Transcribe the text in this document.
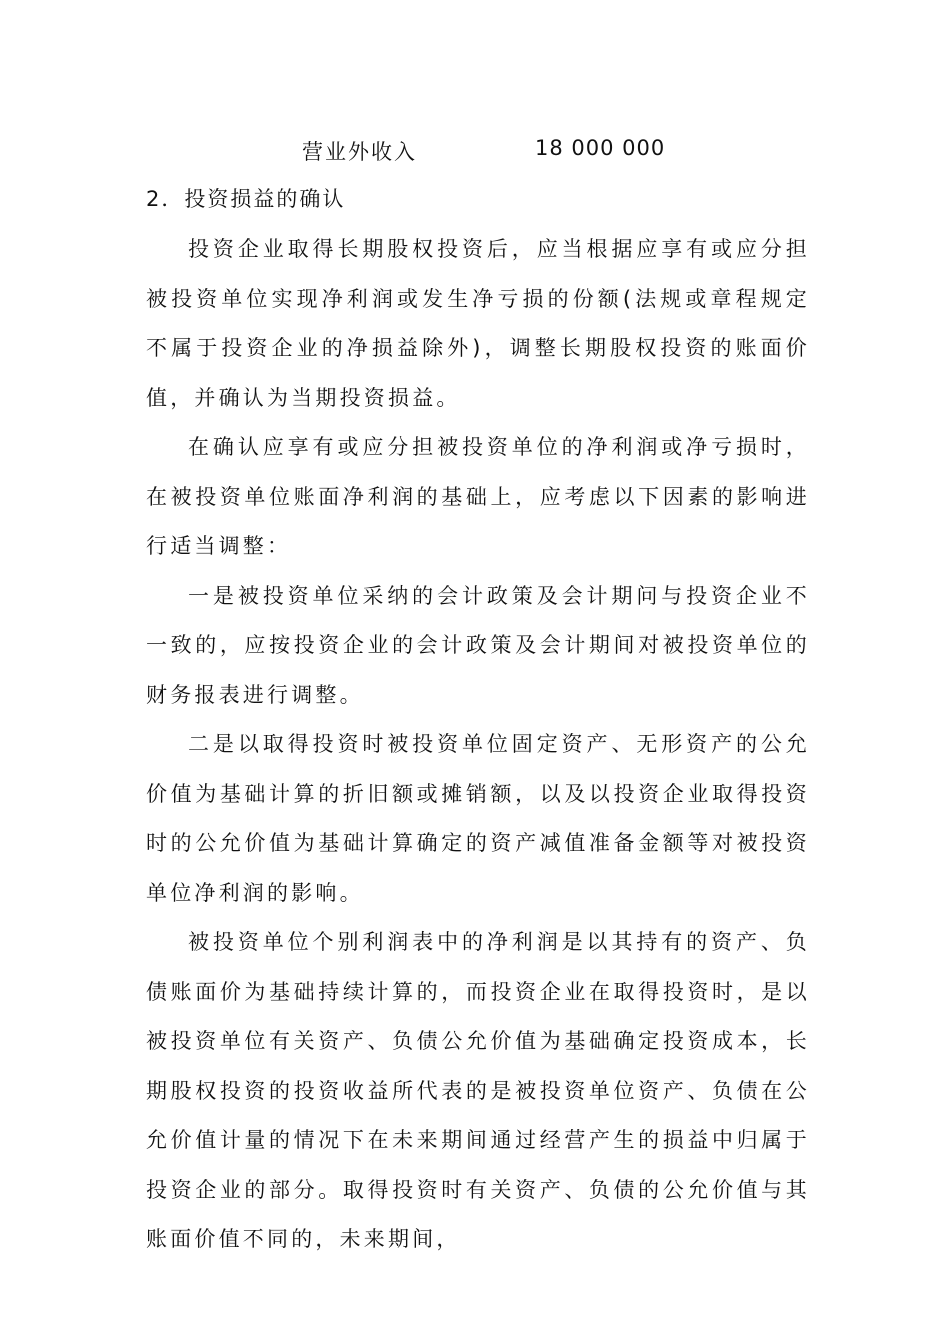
营业外收入	18 000 000
2．投资损益的确认

投资企业取得长期股权投资后，应当根据应享有或应分担被投资单位实现净利润或发生净亏损的份额(法规或章程规定不属于投资企业的净损益除外)，调整长期股权投资的账面价值，并确认为当期投资损益。

在确认应享有或应分担被投资单位的净利润或净亏损时，在被投资单位账面净利润的基础上，应考虑以下因素的影响进行适当调整：

一是被投资单位采纳的会计政策及会计期问与投资企业不一致的，应按投资企业的会计政策及会计期间对被投资单位的财务报表进行调整。

二是以取得投资时被投资单位固定资产、无形资产的公允价值为基础计算的折旧额或摊销额，以及以投资企业取得投资时的公允价值为基础计算确定的资产减值准备金额等对被投资单位净利润的影响。

被投资单位个别利润表中的净利润是以其持有的资产、负债账面价为基础持续计算的，而投资企业在取得投资时，是以被投资单位有关资产、负债公允价值为基础确定投资成本，长期股权投资的投资收益所代表的是被投资单位资产、负债在公允价值计量的情况下在未来期间通过经营产生的损益中归属于投资企业的部分。取得投资时有关资产、负债的公允价值与其账面价值不同的，未来期间，
